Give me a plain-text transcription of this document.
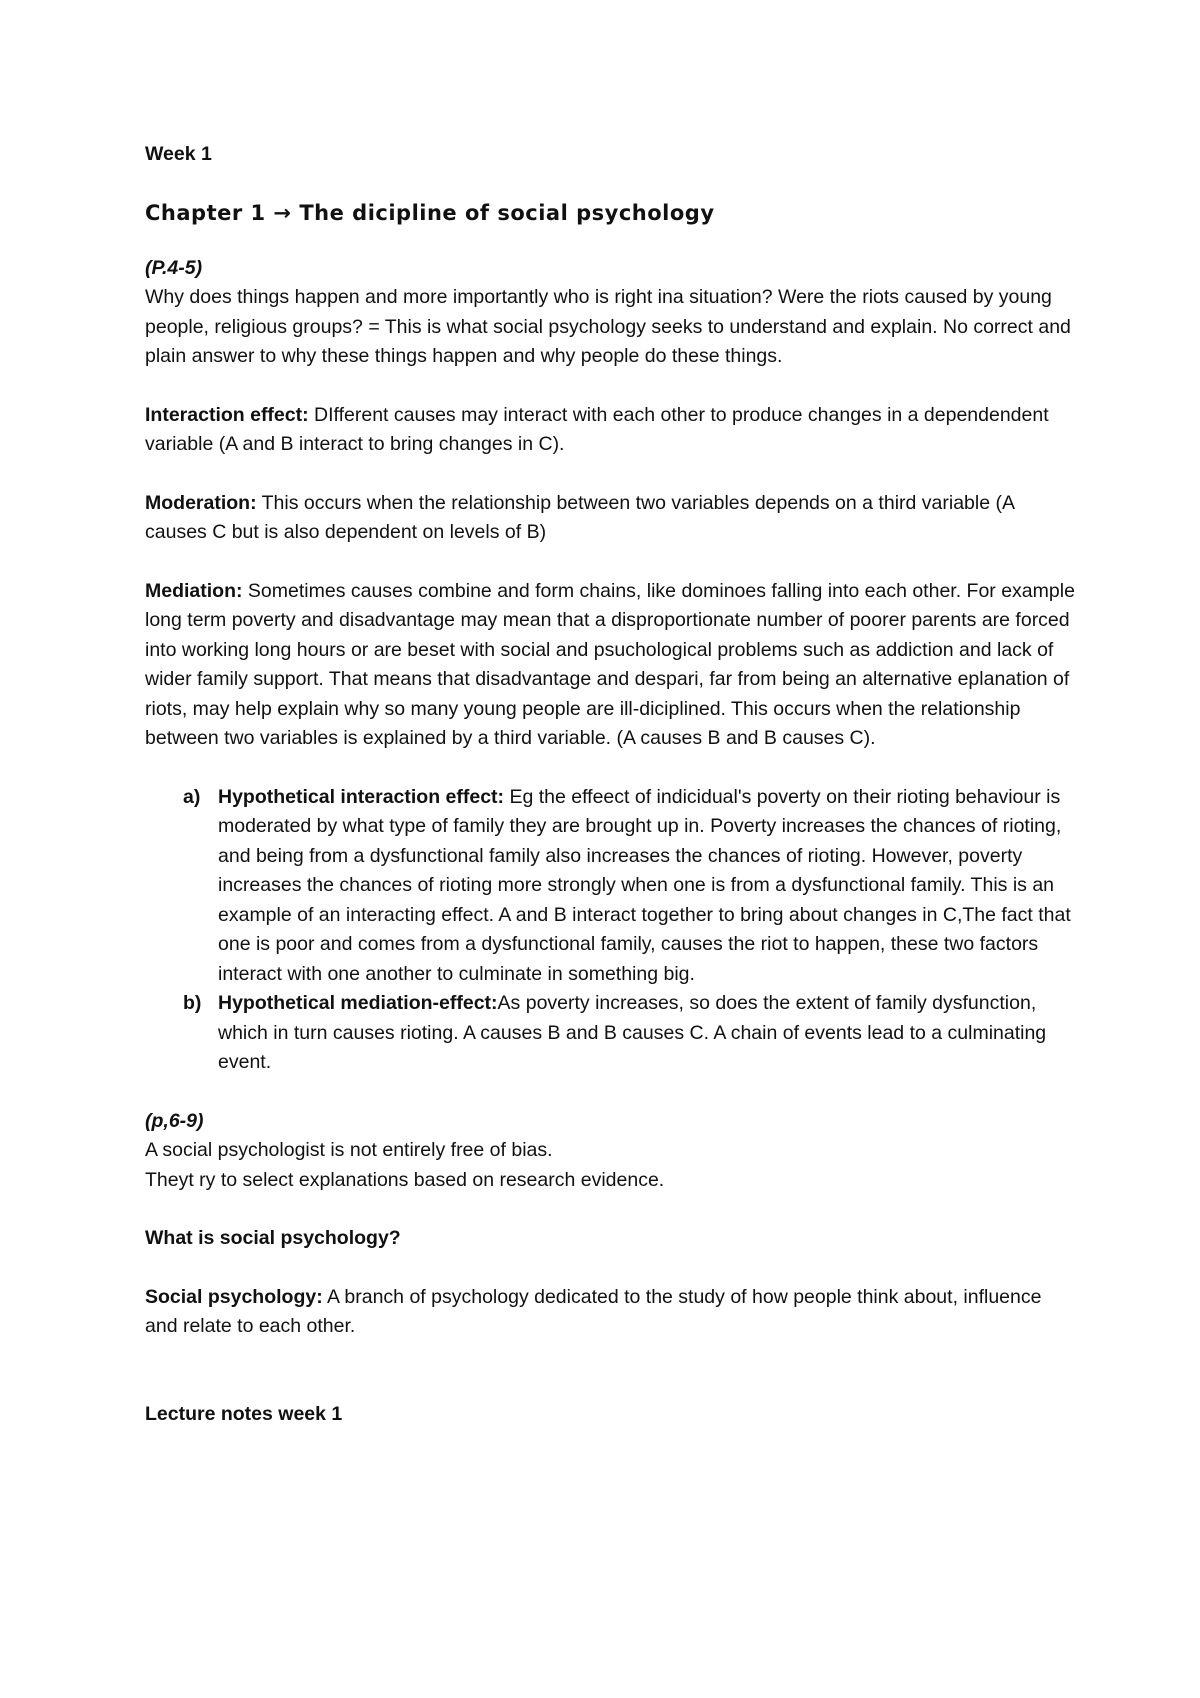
Week 1

Chapter 1 → The dicipline of social psychology

(P.4-5)
Why does things happen and more importantly who is right ina situation? Were the riots caused by young people, religious groups? = This is what social psychology seeks to understand and explain. No correct and plain answer to why these things happen and why people do these things.

Interaction effect: DIfferent causes may interact with each other to produce changes in a dependendent variable (A and B interact to bring changes in C).

Moderation: This occurs when the relationship between two variables depends on a third variable (A causes C but is also dependent on levels of B)

Mediation: Sometimes causes combine and form chains, like dominoes falling into each other. For example long term poverty and disadvantage may mean that a disproportionate number of poorer parents are forced into working long hours or are beset with social and psuchological problems such as addiction and lack of wider family support. That means that disadvantage and despari, far from being an alternative eplanation of riots, may help explain why so many young people are ill-diciplined. This occurs when the relationship between two variables is explained by a third variable. (A causes B and B causes C).

a) Hypothetical interaction effect: Eg the effeect of indicidual's poverty on their rioting behaviour is moderated by what type of family they are brought up in. Poverty increases the chances of rioting, and being from a dysfunctional family also increases the chances of rioting. However, poverty increases the chances of rioting more strongly when one is from a dysfunctional family. This is an example of an interacting effect. A and B interact together to bring about changes in C,The fact that one is poor and comes from a dysfunctional family, causes the riot to happen, these two factors interact with one another to culminate in something big.
b) Hypothetical mediation-effect:As poverty increases, so does the extent of family dysfunction, which in turn causes rioting. A causes B and B causes C. A chain of events lead to a culminating event.
(p,6-9)
A social psychologist is not entirely free of bias.
Theyt ry to select explanations based on research evidence.

What is social psychology?

Social psychology: A branch of psychology dedicated to the study of how people think about, influence and relate to each other.

Lecture notes week 1
